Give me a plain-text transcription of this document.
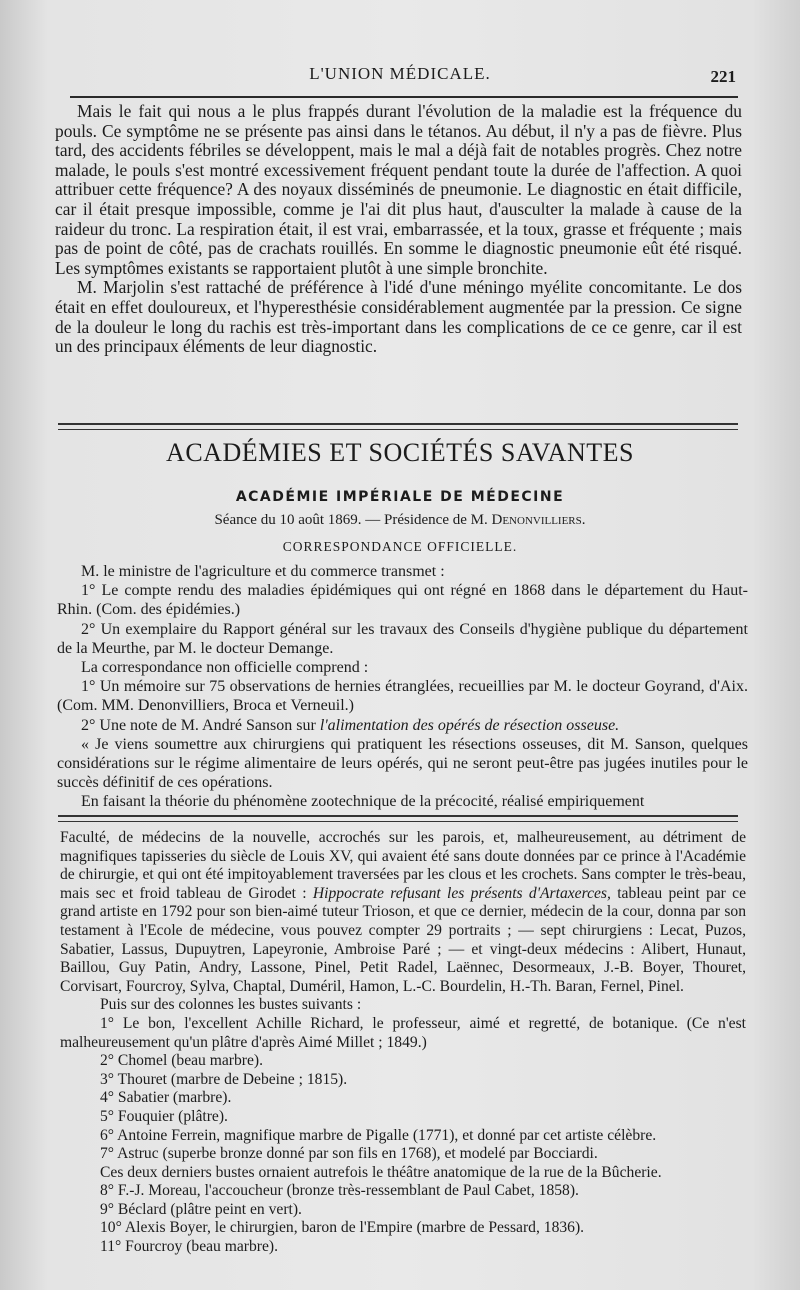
L'UNION MÉDICALE.	221

Mais le fait qui nous a le plus frappés durant l'évolution de la maladie est la fréquence du pouls. Ce symptôme ne se présente pas ainsi dans le tétanos. Au début, il n'y a pas de fièvre. Plus tard, des accidents fébriles se développent, mais le mal a déjà fait de notables progrès. Chez notre malade, le pouls s'est montré excessivement fréquent pendant toute la durée de l'affection. A quoi attribuer cette fréquence? A des noyaux disséminés de pneumonie. Le diagnostic en était difficile, car il était presque impossible, comme je l'ai dit plus haut, d'ausculter la malade à cause de la raideur du tronc. La respiration était, il est vrai, embarrassée, et la toux, grasse et fréquente ; mais pas de point de côté, pas de crachats rouillés. En somme le diagnostic pneumonie eût été risqué. Les symptômes existants se rapportaient plutôt à une simple bronchite.

M. Marjolin s'est rattaché de préférence à l'idé d'une méningo myélite concomitante. Le dos était en effet douloureux, et l'hyperesthésie considérablement augmentée par la pression. Ce signe de la douleur le long du rachis est très-important dans les complications de ce ce genre, car il est un des principaux éléments de leur diagnostic.

ACADÉMIES ET SOCIÉTÉS SAVANTES
ACADÉMIE IMPÉRIALE DE MÉDECINE
Séance du 10 août 1869. — Présidence de M. Denonvilliers.
CORRESPONDANCE OFFICIELLE.

M. le ministre de l'agriculture et du commerce transmet :

1° Le compte rendu des maladies épidémiques qui ont régné en 1868 dans le département du Haut-Rhin. (Com. des épidémies.)

2° Un exemplaire du Rapport général sur les travaux des Conseils d'hygiène publique du département de la Meurthe, par M. le docteur Demange.

La correspondance non officielle comprend :

1° Un mémoire sur 75 observations de hernies étranglées, recueillies par M. le docteur Goyrand, d'Aix. (Com. MM. Denonvilliers, Broca et Verneuil.)

2° Une note de M. André Sanson sur l'alimentation des opérés de résection osseuse.

« Je viens soumettre aux chirurgiens qui pratiquent les résections osseuses, dit M. Sanson, quelques considérations sur le régime alimentaire de leurs opérés, qui ne seront peut-être pas jugées inutiles pour le succès définitif de ces opérations.

En faisant la théorie du phénomène zootechnique de la précocité, réalisé empiriquement

Faculté, de médecins de la nouvelle, accrochés sur les parois, et, malheureusement, au détriment de magnifiques tapisseries du siècle de Louis XV, qui avaient été sans doute données par ce prince à l'Académie de chirurgie, et qui ont été impitoyablement traversées par les clous et les crochets. Sans compter le très-beau, mais sec et froid tableau de Girodet : Hippocrate refusant les présents d'Artaxerces, tableau peint par ce grand artiste en 1792 pour son bien-aimé tuteur Trioson, et que ce dernier, médecin de la cour, donna par son testament à l'Ecole de médecine, vous pouvez compter 29 portraits ; — sept chirurgiens : Lecat, Puzos, Sabatier, Lassus, Dupuytren, Lapeyronie, Ambroise Paré ; — et vingt-deux médecins : Alibert, Hunaut, Baillou, Guy Patin, Andry, Lassone, Pinel, Petit Radel, Laënnec, Desormeaux, J.-B. Boyer, Thouret, Corvisart, Fourcroy, Sylva, Chaptal, Duméril, Hamon, L.-C. Bourdelin, H.-Th. Baran, Fernel, Pinel.

Puis sur des colonnes les bustes suivants :

1° Le bon, l'excellent Achille Richard, le professeur, aimé et regretté, de botanique. (Ce n'est malheureusement qu'un plâtre d'après Aimé Millet ; 1849.)

2° Chomel (beau marbre).

3° Thouret (marbre de Debeine ; 1815).

4° Sabatier (marbre).

5° Fouquier (plâtre).

6° Antoine Ferrein, magnifique marbre de Pigalle (1771), et donné par cet artiste célèbre.

7° Astruc (superbe bronze donné par son fils en 1768), et modelé par Bocciardi.

Ces deux derniers bustes ornaient autrefois le théâtre anatomique de la rue de la Bûcherie.

8° F.-J. Moreau, l'accoucheur (bronze très-ressemblant de Paul Cabet, 1858).

9° Béclard (plâtre peint en vert).

10° Alexis Boyer, le chirurgien, baron de l'Empire (marbre de Pessard, 1836).

11° Fourcroy (beau marbre).
